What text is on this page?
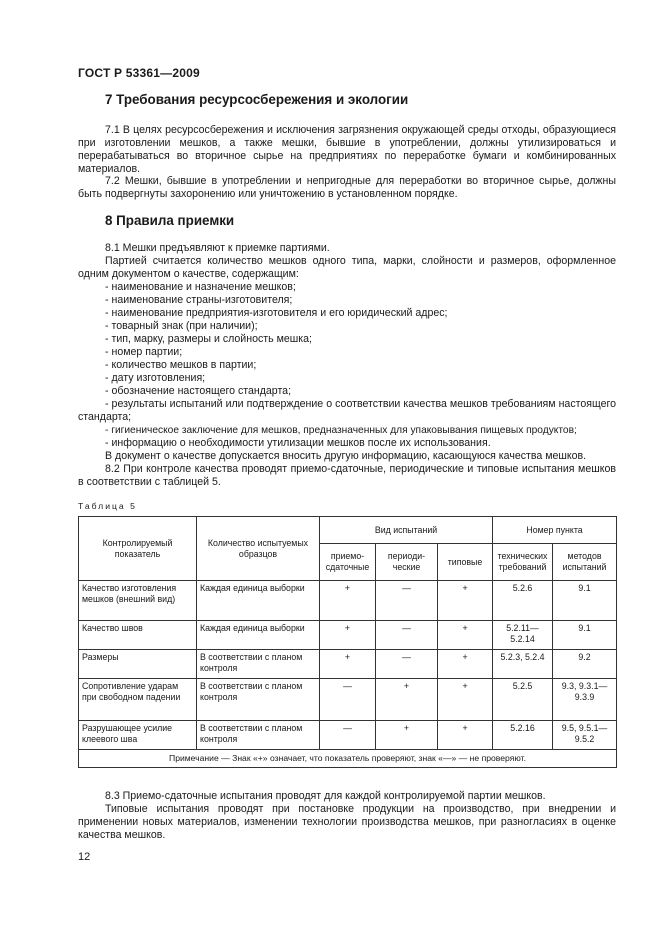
ГОСТ Р 53361—2009
7 Требования ресурсосбережения и экологии
7.1 В целях ресурсосбережения и исключения загрязнения окружающей среды отходы, образующиеся при изготовлении мешков, а также мешки, бывшие в употреблении, должны утилизироваться и перерабатываться во вторичное сырье на предприятиях по переработке бумаги и комбинированных материалов.
7.2 Мешки, бывшие в употреблении и непригодные для переработки во вторичное сырье, должны быть подвергнуты захоронению или уничтожению в установленном порядке.
8 Правила приемки
8.1 Мешки предъявляют к приемке партиями.
Партией считается количество мешков одного типа, марки, слойности и размеров, оформленное одним документом о качестве, содержащим:
- наименование и назначение мешков;
- наименование страны-изготовителя;
- наименование предприятия-изготовителя и его юридический адрес;
- товарный знак (при наличии);
- тип, марку, размеры и слойность мешка;
- номер партии;
- количество мешков в партии;
- дату изготовления;
- обозначение настоящего стандарта;
- результаты испытаний или подтверждение о соответствии качества мешков требованиям настоящего стандарта;
- гигиеническое заключение для мешков, предназначенных для упаковывания пищевых продуктов;
- информацию о необходимости утилизации мешков после их использования.
В документ о качестве допускается вносить другую информацию, касающуюся качества мешков.
8.2 При контроле качества проводят приемо-сдаточные, периодические и типовые испытания мешков в соответствии с таблицей 5.
Таблица 5
Контролируемый показатель	Количество испытуемых образцов	Вид испытаний			Номер пункта	
		приемо-сдаточные	периоди-ческие	типовые	технических требований	методов испытаний
Качество изготовления мешков (внешний вид)	Каждая единица выборки	+	—	+	5.2.6	9.1
Качество швов	Каждая единица выборки	+	—	+	5.2.11—5.2.14	9.1
Размеры	В соответствии с планом контроля	+	—	+	5.2.3, 5.2.4	9.2
Сопротивление ударам при свободном падении	В соответствии с планом контроля	—	+	+	5.2.5	9.3, 9.3.1—9.3.9
Разрушающее усилие клеевого шва	В соответствии с планом контроля	—	+	+	5.2.16	9.5, 9.5.1—9.5.2
Примечание — Знак «+» означает, что показатель проверяют, знак «—» — не проверяют.						
8.3 Приемо-сдаточные испытания проводят для каждой контролируемой партии мешков.
Типовые испытания проводят при постановке продукции на производство, при внедрении и применении новых материалов, изменении технологии производства мешков, при разногласиях в оценке качества мешков.
12
